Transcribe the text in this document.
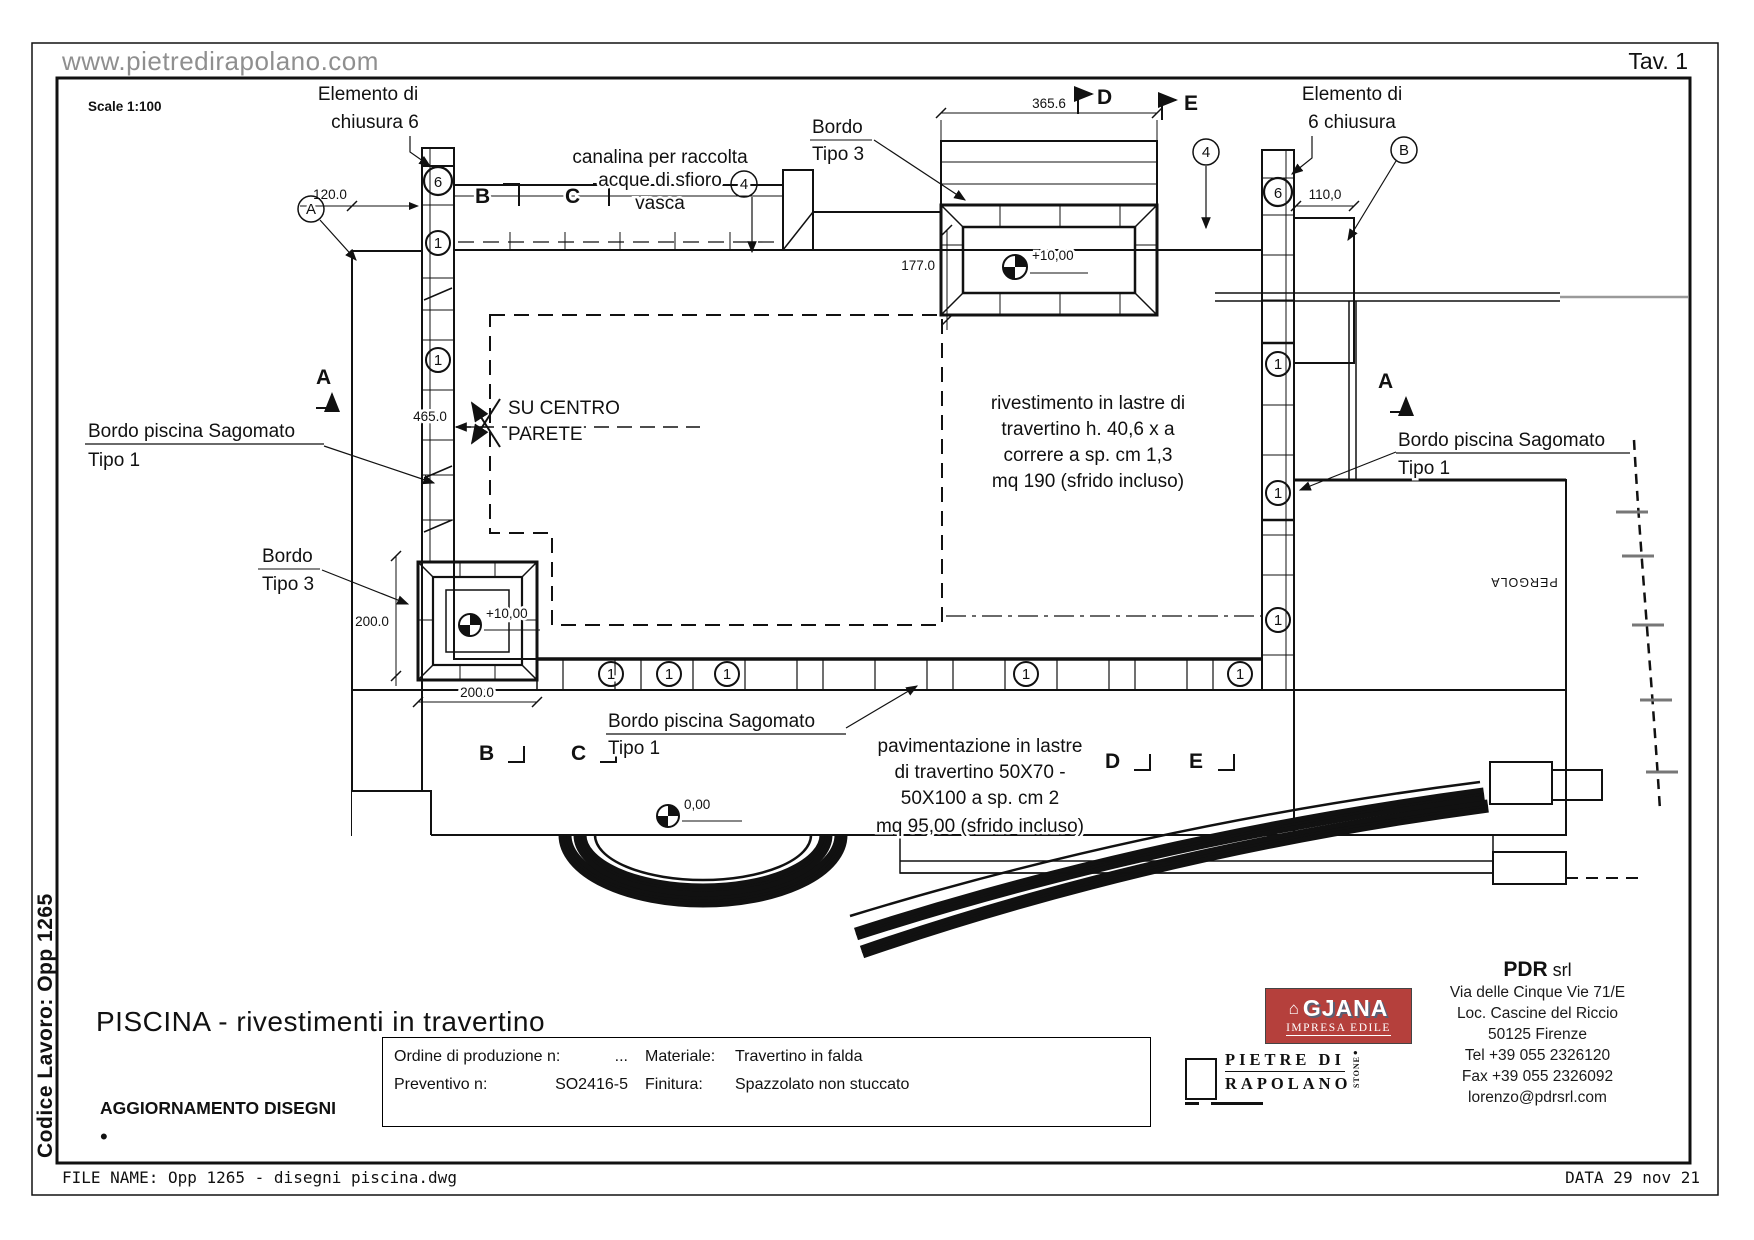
6
1
1
6
1
1
1
1	1	1	1	1
+10,00
+10,00
0,00
120.0
365.6
110,0
177.0
465.0
200.0
200.0
B	C
D	E
A	A
B	C	D	E
A
B
4
4
Elemento di
chiusura 6
Elemento di
6 chiusura
canalina per raccolta
acque di sfioro
vasca
Bordo
Tipo 3
Bordo
Tipo 3
Bordo piscina Sagomato
Tipo 1
Bordo piscina Sagomato
Tipo 1
Bordo piscina Sagomato
Tipo 1
SU CENTRO
PARETE
rivestimento in lastre di
travertino h. 40,6 x a
correre a sp. cm 1,3
mq 190 (sfrido incluso)
pavimentazione in lastre
di travertino 50X70 -
50X100 a sp. cm 2
mq 95,00 (sfrido incluso)
PERGOLA
www.pietredirapolano.com	Tav. 1
Codice Lavoro: Opp 1265
Scale 1:100
FILE NAME: Opp 1265 - disegni piscina.dwg	DATA 29 nov 21
PISCINA - rivestimenti in travertino
AGGIORNAMENTO DISEGNI
•
Ordine di produzione n:	...
Preventivo n:	SO2416-5
Materiale:	Travertino in falda
Finitura:	Spazzolato non stuccato
⌂ GJANA
IMPRESA EDILE
PIETRE DI
RAPOLANO STONE
●
PDR srl
Via delle Cinque Vie 71/E
Loc. Cascine del Riccio
50125 Firenze
Tel +39 055 2326120
Fax +39 055 2326092
lorenzo@pdrsrl.com
